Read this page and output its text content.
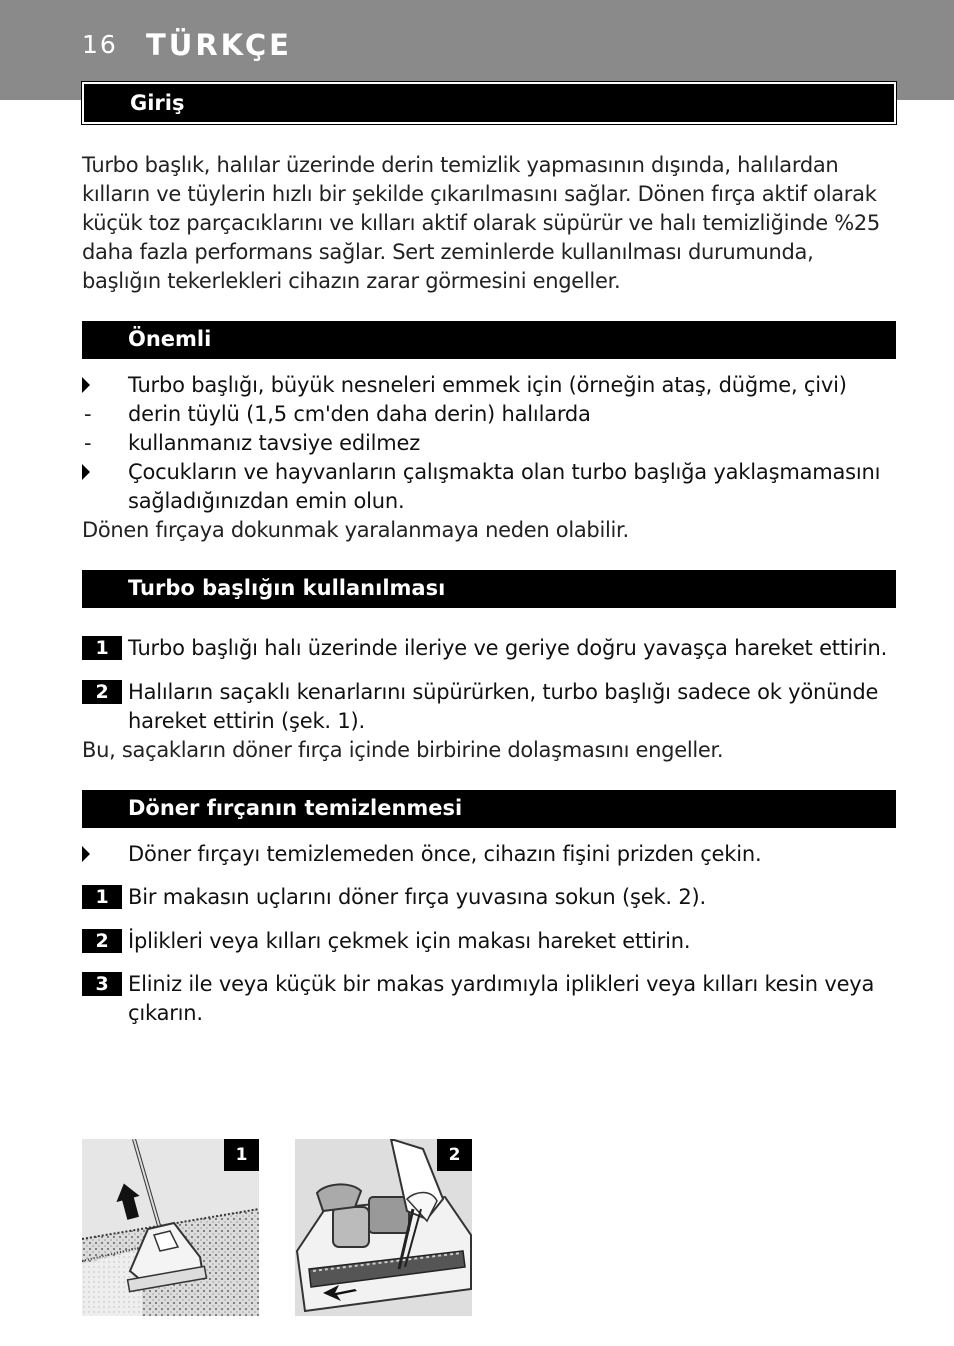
16 TÜRKÇE
Giriş
Turbo başlık, halılar üzerinde derin temizlik yapmasının dışında, halılardan kılların ve tüylerin hızlı bir şekilde çıkarılmasını sağlar. Dönen fırça aktif olarak küçük toz parçacıklarını ve kılları aktif olarak süpürür ve halı temizliğinde %25 daha fazla performans sağlar. Sert zeminlerde kullanılması durumunda, başlığın tekerlekleri cihazın zarar görmesini engeller.
Önemli
Turbo başlığı, büyük nesneleri emmek için (örneğin ataş, düğme, çivi)
- derin tüylü (1,5 cm'den daha derin) halılarda
- kullanmanız tavsiye edilmez
Çocukların ve hayvanların çalışmakta olan turbo başlığa yaklaşmamasını sağladığınızdan emin olun.
Dönen fırçaya dokunmak yaralanmaya neden olabilir.
Turbo başlığın kullanılması
1 Turbo başlığı halı üzerinde ileriye ve geriye doğru yavaşça hareket ettirin.
2 Halıların saçaklı kenarlarını süpürürken, turbo başlığı sadece ok yönünde hareket ettirin (şek. 1).
Bu, saçakların döner fırça içinde birbirine dolaşmasını engeller.
Döner fırçanın temizlenmesi
Döner fırçayı temizlemeden önce, cihazın fişini prizden çekin.
1 Bir makasın uçlarını döner fırça yuvasına sokun (şek. 2).
2 İplikleri veya kılları çekmek için makası hareket ettirin.
3 Eliniz ile veya küçük bir makas yardımıyla iplikleri veya kılları kesin veya çıkarın.
1	2
